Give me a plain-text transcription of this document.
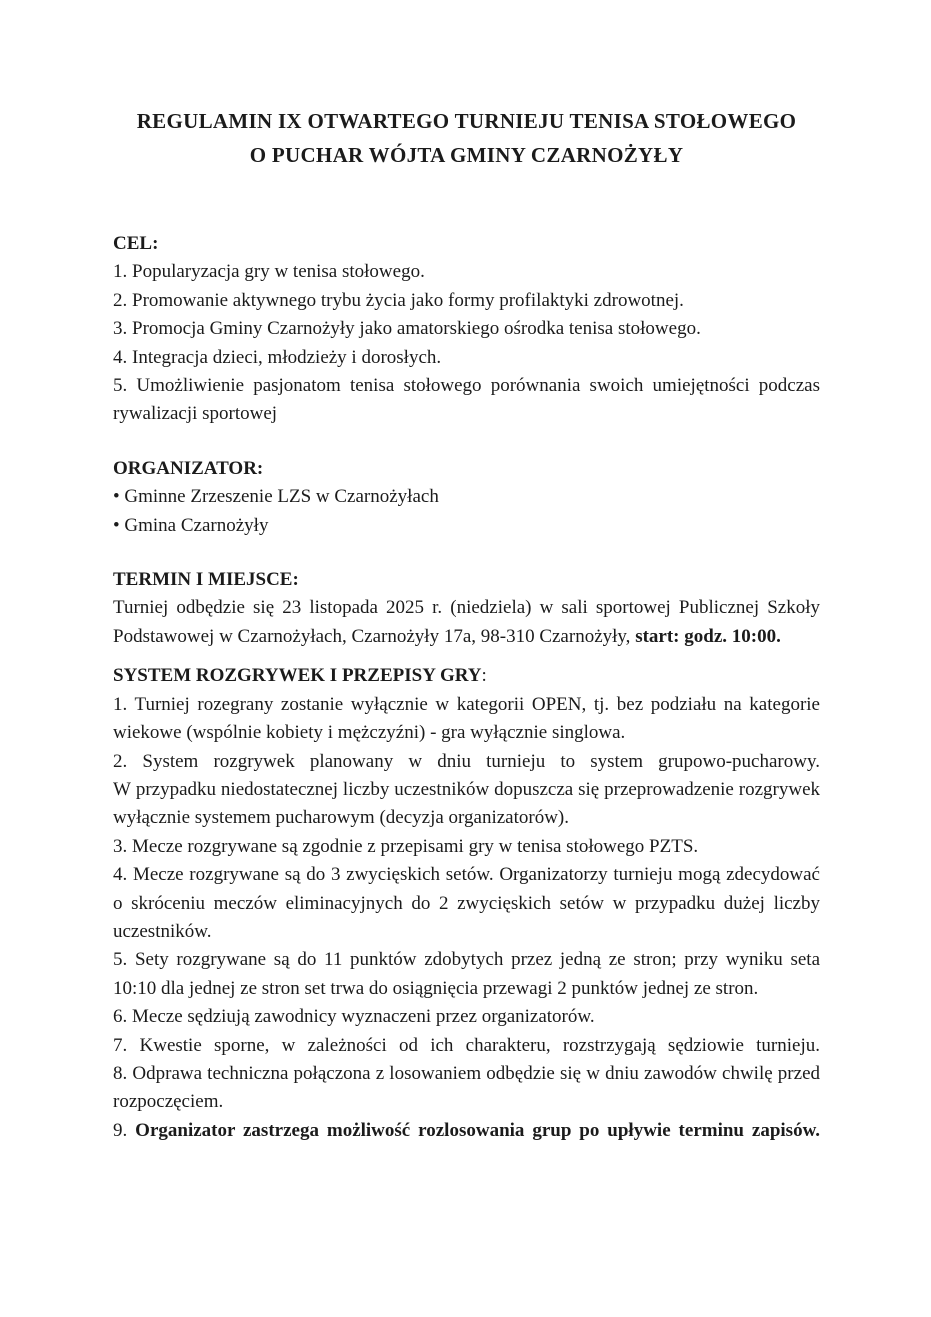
REGULAMIN IX OTWARTEGO TURNIEJU TENISA STOŁOWEGO
O PUCHAR WÓJTA GMINY CZARNOŻYŁY

CEL:

1. Popularyzacja gry w tenisa stołowego.

2. Promowanie aktywnego trybu życia jako formy profilaktyki zdrowotnej.

3. Promocja Gminy Czarnożyły jako amatorskiego ośrodka tenisa stołowego.

4. Integracja dzieci, młodzieży i dorosłych.

5. Umożliwienie pasjonatom tenisa stołowego porównania swoich umiejętności podczas rywalizacji sportowej

ORGANIZATOR:

• Gminne Zrzeszenie LZS w Czarnożyłach

• Gmina Czarnożyły

TERMIN I MIEJSCE:

Turniej odbędzie się 23 listopada 2025 r. (niedziela) w sali sportowej Publicznej Szkoły Podstawowej w Czarnożyłach, Czarnożyły 17a, 98-310 Czarnożyły, start: godz. 10:00.

SYSTEM ROZGRYWEK I PRZEPISY GRY:

1. Turniej rozegrany zostanie wyłącznie w kategorii OPEN, tj. bez podziału na kategorie wiekowe (wspólnie kobiety i mężczyźni) - gra wyłącznie singlowa.

2. System rozgrywek planowany w dniu turnieju to system grupowo-pucharowy. W przypadku niedostatecznej liczby uczestników dopuszcza się przeprowadzenie rozgrywek wyłącznie systemem pucharowym (decyzja organizatorów).

3. Mecze rozgrywane są zgodnie z przepisami gry w tenisa stołowego PZTS.

4. Mecze rozgrywane są do 3 zwycięskich setów. Organizatorzy turnieju mogą zdecydować o skróceniu meczów eliminacyjnych do 2 zwycięskich setów w przypadku dużej liczby uczestników.

5. Sety rozgrywane są do 11 punktów zdobytych przez jedną ze stron; przy wyniku seta 10:10 dla jednej ze stron set trwa do osiągnięcia przewagi 2 punktów jednej ze stron.

6. Mecze sędziują zawodnicy wyznaczeni przez organizatorów.

7. Kwestie sporne, w zależności od ich charakteru, rozstrzygają sędziowie turnieju.

8. Odprawa techniczna połączona z losowaniem odbędzie się w dniu zawodów chwilę przed rozpoczęciem.

9. Organizator zastrzega możliwość rozlosowania grup po upływie terminu zapisów.
